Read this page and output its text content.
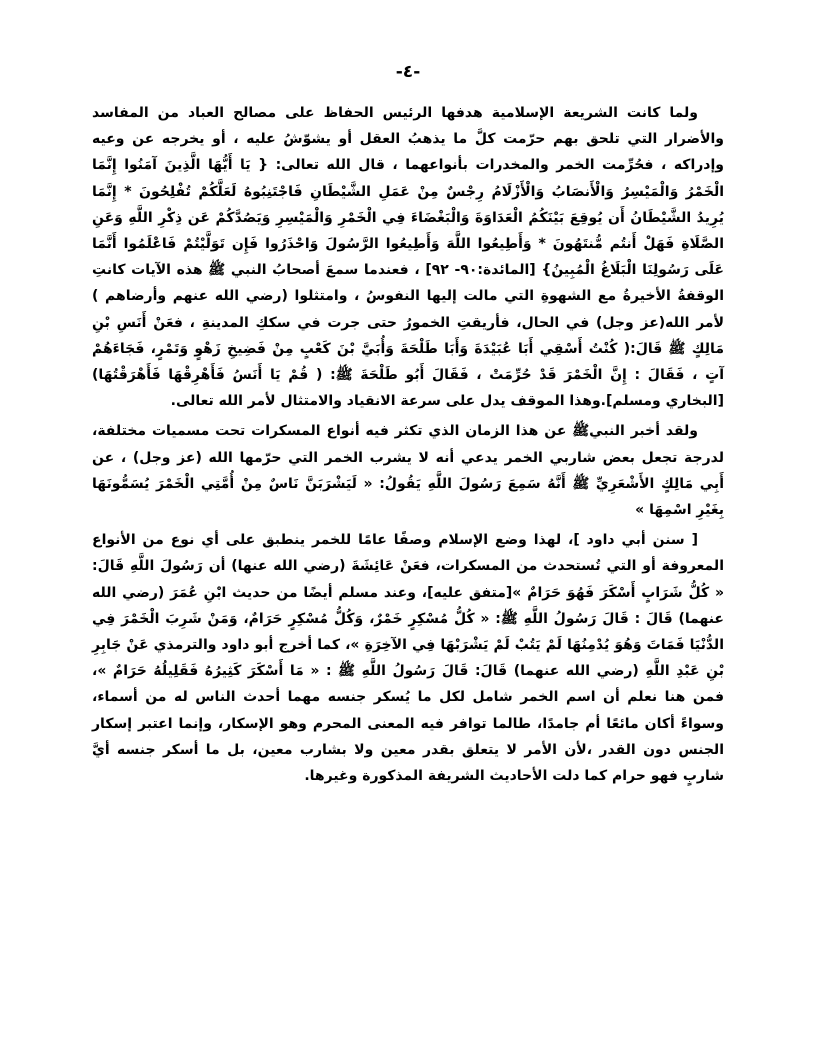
-٤-

ولما كانت الشريعة الإسلامية هدفها الرئيس الحفاظ على مصالح العباد من المفاسد والأضرار التي تلحق بهم حرّمت كلَّ ما يذهبُ العقل أو يشوّشُ عليه ، أو يخرجه عن وعيه وإدراكه ، فحُرِّمت الخمر والمخدرات بأنواعهما ، قال الله تعالى: { يَا أَيُّهَا الَّذِينَ آمَنُوا إِنَّمَا الْخَمْرُ وَالْمَيْسِرُ وَالْأَنصَابُ وَالْأَزْلَامُ رِجْسٌ مِنْ عَمَلِ الشَّيْطَانِ فَاجْتَنِبُوهُ لَعَلَّكُمْ تُفْلِحُونَ * إِنَّمَا يُرِيدُ الشَّيْطَانُ أَن يُوقِعَ بَيْنَكُمُ الْعَدَاوَةَ وَالْبَغْضَاءَ فِي الْخَمْرِ وَالْمَيْسِرِ وَيَصُدَّكُمْ عَن ذِكْرِ اللَّهِ وَعَنِ الصَّلَاةِ فَهَلْ أَنتُم مُّنتَهُونَ * وَأَطِيعُوا اللَّهَ وَأَطِيعُوا الرَّسُولَ وَاحْذَرُوا فَإِن تَوَلَّيْتُمْ فَاعْلَمُوا أَنَّمَا عَلَى رَسُولِنَا الْبَلَاغُ الْمُبِينُ} [المائدة:٩٠- ٩٢] ، فعندما سمعَ أصحابُ النبي ﷺ هذه الآيات كانتِ الوقفةُ الأخيرةُ مع الشهوةِ التي مالت إليها النفوسُ ، وامتثلوا (رضي الله عنهم وأرضاهم ) لأمر الله(عز وجل) في الحال، فأريقتِ الخمورُ حتى جرت في سككِ المدينةِ ، فعَنْ أَنَسِ بْنِ مَالِكٍ ﷺ قَالَ:( كُنْتُ أَسْقِي أَبَا عُبَيْدَةَ وَأَبَا طَلْحَةَ وَأُبَيَّ بْنَ كَعْبٍ مِنْ فَضِيخِ زَهْوٍ وَتَمْرٍ، فَجَاءَهُمْ آتٍ ، فَقَالَ : إِنَّ الْخَمْرَ قَدْ حُرِّمَتْ ، فَقَالَ أَبُو طَلْحَةَ ﷺ: ( قُمْ يَا أَنَسُ فَأَهْرِقْهَا فَأَهْرَقْتُهَا)[البخاري ومسلم].وهذا الموقف يدل على سرعة الانقياد والامتثال لأمر الله تعالى.

ولقد أخبر النبيﷺ عن هذا الزمان الذي تكثر فيه أنواع المسكرات تحت مسميات مختلفة، لدرجة تجعل بعض شاربي الخمر يدعي أنه لا يشرب الخمر التي حرّمها الله (عز وجل) ، عن أَبِي مَالِكٍ الأَشْعَرِيِّ ﷺ أَنَّهُ سَمِعَ رَسُولَ اللَّهِ يَقُولُ: « لَيَشْرَبَنَّ نَاسٌ مِنْ أُمَّتِي الْخَمْرَ يُسَمُّونَهَا بِغَيْرِ اسْمِهَا »

[ سنن أبي داود ]، لهذا وضع الإسلام وصفًا عامًا للخمر ينطبق على أي نوع من الأنواع المعروفة أو التي تُستحدث من المسكرات، فعَنْ عَائِشَةَ (رضي الله عنها) أن رَسُولَ اللَّهِ قَالَ: « كُلُّ شَرَابٍ أَسْكَرَ فَهُوَ حَرَامٌ »[متفق عليه]، وعند مسلم أيضًا من حديث ابْنِ عُمَرَ (رضي الله عنهما) قَالَ : قَالَ رَسُولُ اللَّهِ ﷺ: « كُلُّ مُسْكِرٍ خَمْرٌ، وَكُلُّ مُسْكِرٍ حَرَامٌ، وَمَنْ شَرِبَ الْخَمْرَ فِي الدُّنْيَا فَمَاتَ وَهُوَ يُدْمِنُهَا لَمْ يَتُبْ لَمْ يَشْرَبْهَا فِي الآخِرَةِ »، كما أخرج أبو داود والترمذي عَنْ جَابِرِ بْنِ عَبْدِ اللَّهِ (رضي الله عنهما) قَالَ: قَالَ رَسُولُ اللَّهِ ﷺ : « مَا أَسْكَرَ كَثِيرُهُ فَقَلِيلُهُ حَرَامٌ »، فمن هنا نعلم أن اسم الخمر شامل لكل ما يُسكر جنسه مهما أحدث الناس له من أسماء، وسواءً أكان مائعًا أم جامدًا، طالما توافر فيه المعنى المحرم وهو الإسكار، وإنما اعتبر إسكار الجنس دون القدر ،لأن الأمر لا يتعلق بقدر معين ولا بشارب معين، بل ما أسكر جنسه أيَّ شاربٍ فهو حرام كما دلت الأحاديث الشريفة المذكورة وغيرها.
